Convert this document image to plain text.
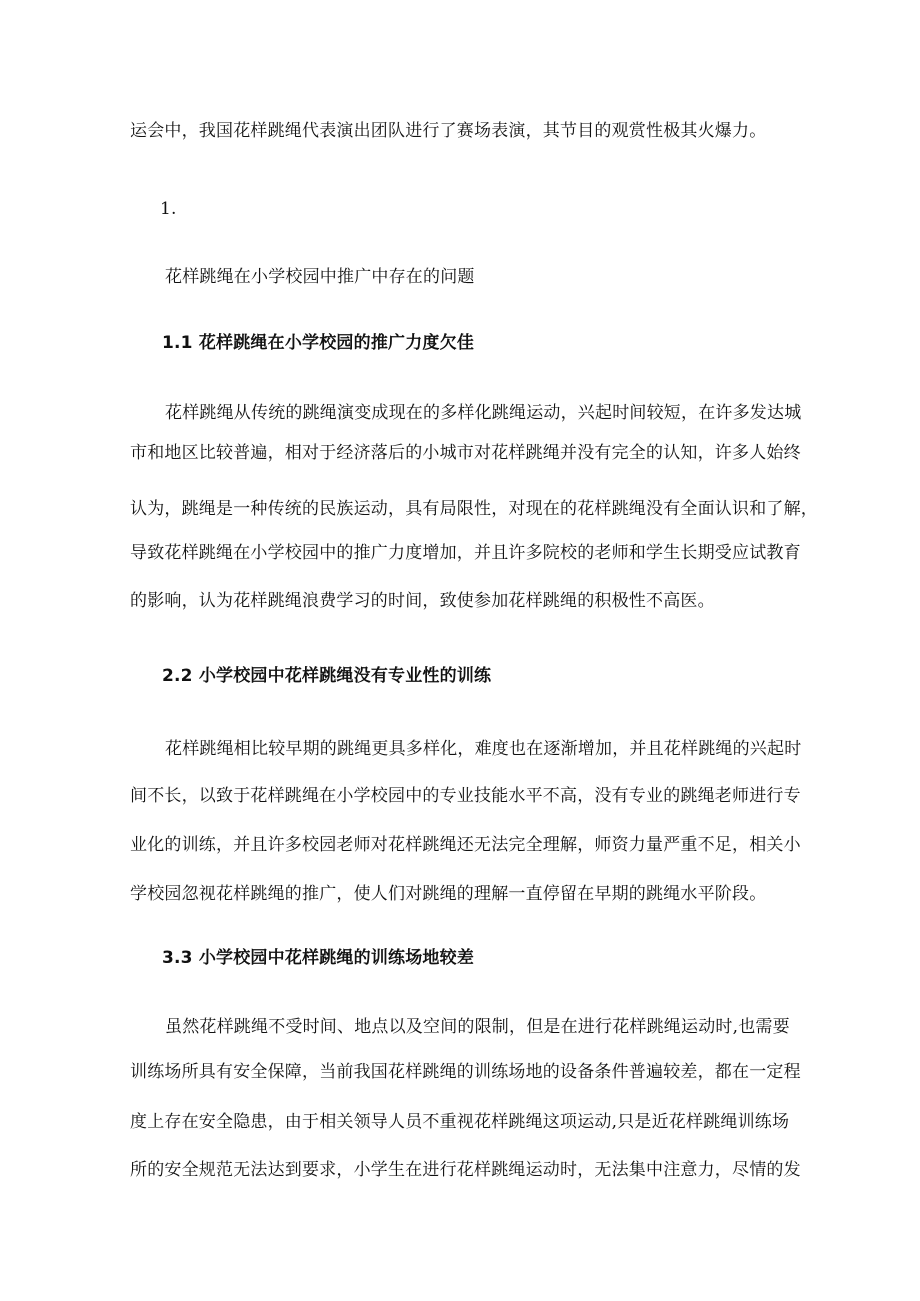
运会中，我国花样跳绳代表演出团队进行了赛场表演，其节目的观赏性极其火爆力。
1.
花样跳绳在小学校园中推广中存在的问题
1.1 花样跳绳在小学校园的推广力度欠佳
花样跳绳从传统的跳绳演变成现在的多样化跳绳运动，兴起时间较短，在许多发达城
市和地区比较普遍，相对于经济落后的小城市对花样跳绳并没有完全的认知，许多人始终
认为，跳绳是一种传统的民族运动，具有局限性，对现在的花样跳绳没有全面认识和了解，
导致花样跳绳在小学校园中的推广力度增加，并且许多院校的老师和学生长期受应试教育
的影响，认为花样跳绳浪费学习的时间，致使参加花样跳绳的积极性不高医。
2.2 小学校园中花样跳绳没有专业性的训练
花样跳绳相比较早期的跳绳更具多样化，难度也在逐渐增加，并且花样跳绳的兴起时
间不长，以致于花样跳绳在小学校园中的专业技能水平不高，没有专业的跳绳老师进行专
业化的训练，并且许多校园老师对花样跳绳还无法完全理解，师资力量严重不足，相关小
学校园忽视花样跳绳的推广，使人们对跳绳的理解一直停留在早期的跳绳水平阶段。
3.3 小学校园中花样跳绳的训练场地较差
虽然花样跳绳不受时间、地点以及空间的限制，但是在进行花样跳绳运动时,也需要
训练场所具有安全保障，当前我国花样跳绳的训练场地的设备条件普遍较差，都在一定程
度上存在安全隐患，由于相关领导人员不重视花样跳绳这项运动,只是近花样跳绳训练场
所的安全规范无法达到要求，小学生在进行花样跳绳运动时，无法集中注意力，尽情的发
